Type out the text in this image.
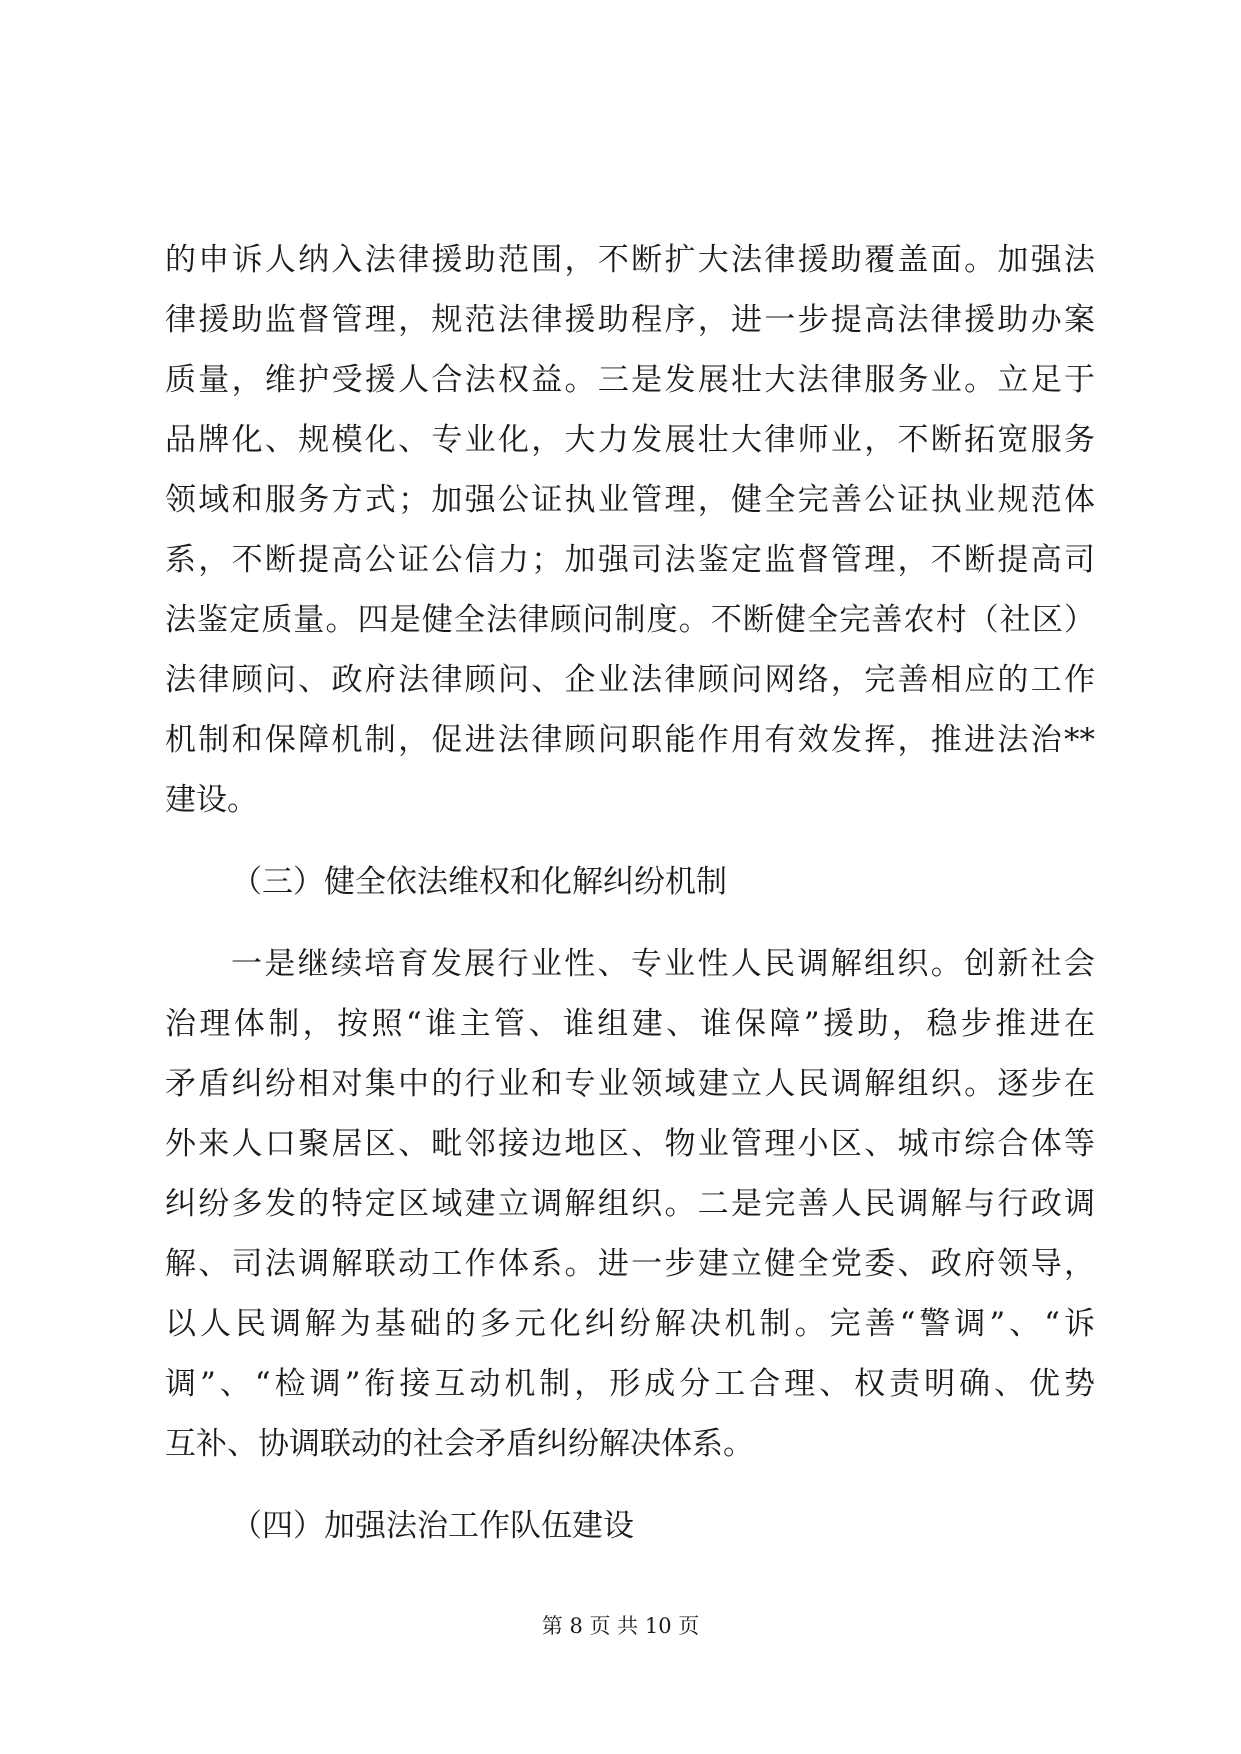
的申诉人纳入法律援助范围，不断扩大法律援助覆盖面。加强法
律援助监督管理，规范法律援助程序，进一步提高法律援助办案
质量，维护受援人合法权益。三是发展壮大法律服务业。立足于
品牌化、规模化、专业化，大力发展壮大律师业，不断拓宽服务
领域和服务方式；加强公证执业管理，健全完善公证执业规范体
系，不断提高公证公信力；加强司法鉴定监督管理，不断提高司
法鉴定质量。四是健全法律顾问制度。不断健全完善农村（社区）
法律顾问、政府法律顾问、企业法律顾问网络，完善相应的工作
机制和保障机制，促进法律顾问职能作用有效发挥，推进法治**
建设。
（三）健全依法维权和化解纠纷机制
一是继续培育发展行业性、专业性人民调解组织。创新社会
治理体制，按照“谁主管、谁组建、谁保障”援助，稳步推进在
矛盾纠纷相对集中的行业和专业领域建立人民调解组织。逐步在
外来人口聚居区、毗邻接边地区、物业管理小区、城市综合体等
纠纷多发的特定区域建立调解组织。二是完善人民调解与行政调
解、司法调解联动工作体系。进一步建立健全党委、政府领导，
以人民调解为基础的多元化纠纷解决机制。完善“警调”、“诉
调”、“检调”衔接互动机制，形成分工合理、权责明确、优势
互补、协调联动的社会矛盾纠纷解决体系。
（四）加强法治工作队伍建设
第 8 页 共 10 页
